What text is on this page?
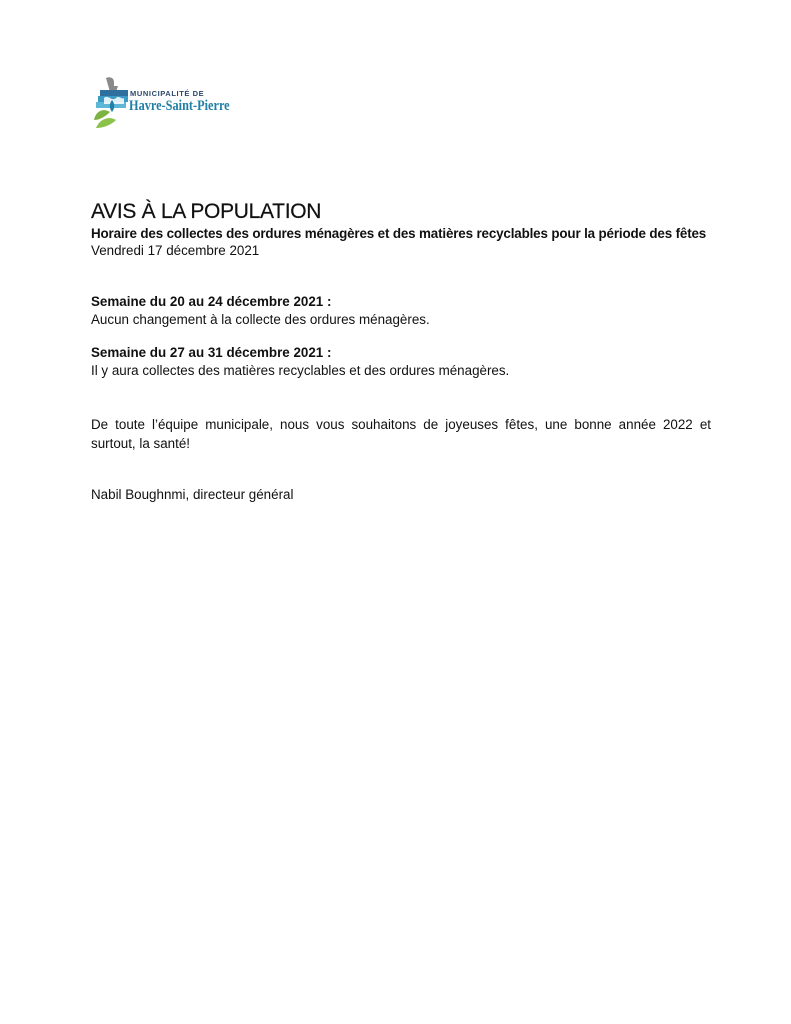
MUNICIPALITÉ DE
Havre-Saint-Pierre

AVIS À LA POPULATION

Horaire des collectes des ordures ménagères et des matières recyclables pour la période des fêtes

Vendredi 17 décembre 2021

Semaine du 20 au 24 décembre 2021 :

Aucun changement à la collecte des ordures ménagères.

Semaine du 27 au 31 décembre 2021 :

Il y aura collectes des matières recyclables et des ordures ménagères.

De toute l’équipe municipale, nous vous souhaitons de joyeuses fêtes, une bonne année 2022 et surtout, la santé!

Nabil Boughnmi, directeur général
